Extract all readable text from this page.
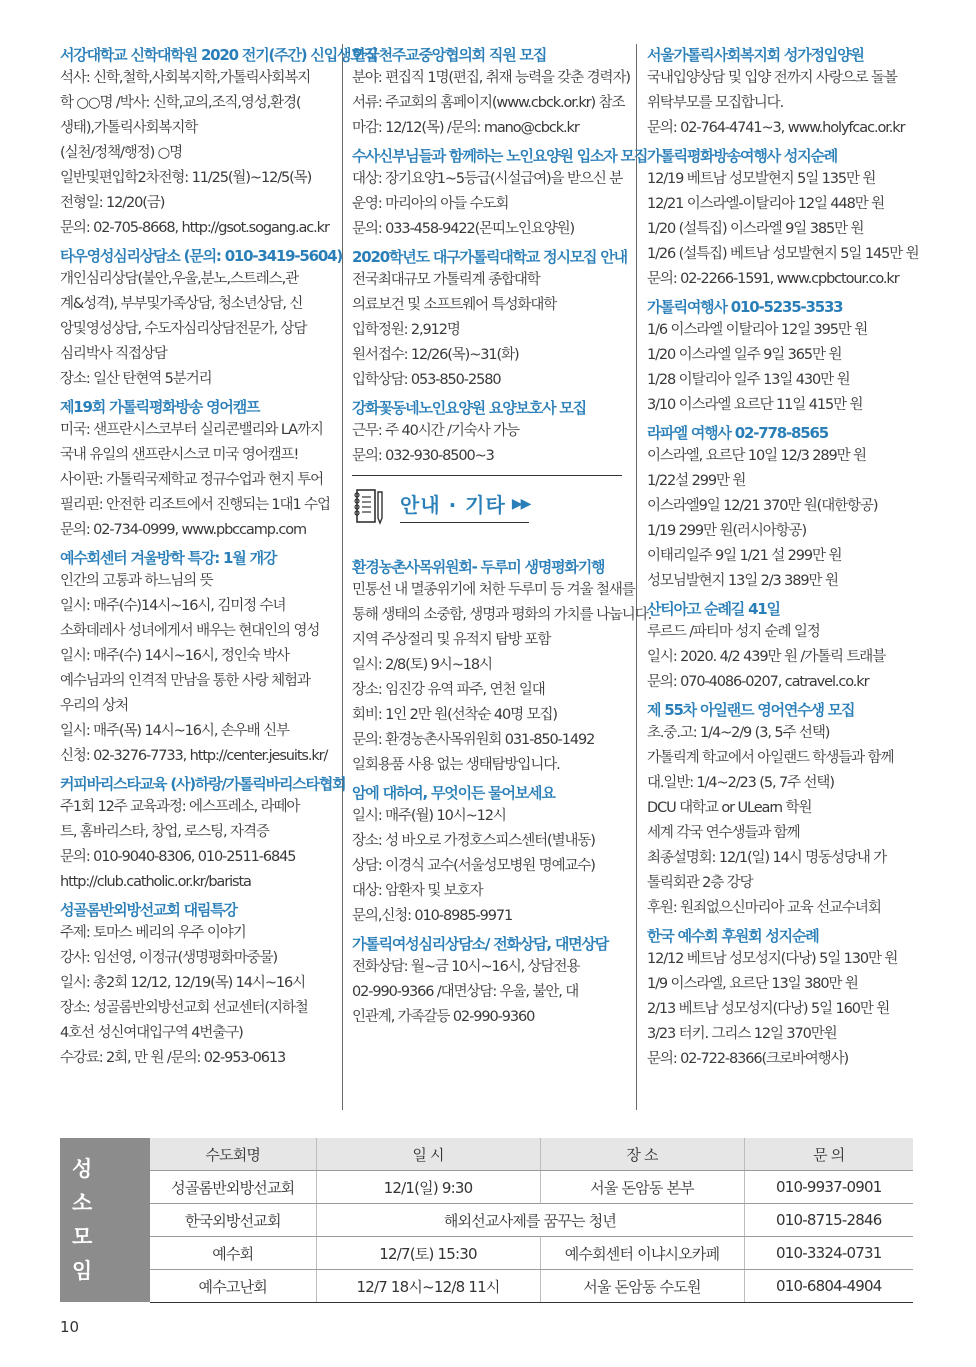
서강대학교 신학대학원 2020 전기(주간) 신입생모집
석사: 신학,철학,사회복지학,가톨릭사회복지
학 ○○명 /박사: 신학,교의,조직,영성,환경(
생태),가톨릭사회복지학
(실천/정책/행정) ○명
일반및편입학2차전형: 11/25(월)~12/5(목)
전형일: 12/20(금)
문의: 02-705-8668, http://gsot.sogang.ac.kr
타우영성심리상담소 (문의: 010-3419-5604)
개인심리상담(불안,우울,분노,스트레스,관
계&성격), 부부및가족상담, 청소년상담, 신
앙및영성상담, 수도자심리상담전문가, 상담
심리박사 직접상담
장소: 일산 탄현역 5분거리
제19회 가톨릭평화방송 영어캠프
미국: 샌프란시스코부터 실리콘밸리와 LA까지
국내 유일의 샌프란시스코 미국 영어캠프!
사이판: 가톨릭국제학교 정규수업과 현지 투어
필리핀: 안전한 리조트에서 진행되는 1대1 수업
문의: 02-734-0999, www.pbccamp.com
예수회센터 겨울방학 특강: 1월 개강
인간의 고통과 하느님의 뜻
일시: 매주(수)14시~16시, 김미정 수녀
소화데레사 성녀에게서 배우는 현대인의 영성
일시: 매주(수) 14시~16시, 정인숙 박사
예수님과의 인격적 만남을 통한 사랑 체험과
우리의 상처
일시: 매주(목) 14시~16시, 손우배 신부
신청: 02-3276-7733, http://center.jesuits.kr/
커피바리스타교육 (사)하랑/가톨릭바리스타협회
주1회 12주 교육과정: 에스프레소, 라떼아
트, 홈바리스타, 창업, 로스팅, 자격증
문의: 010-9040-8306, 010-2511-6845
http://club.catholic.or.kr/barista
성골롬반외방선교회 대림특강
주제: 토마스 베리의 우주 이야기
강사: 임선영, 이정규(생명평화마중물)
일시: 총2회 12/12, 12/19(목) 14시~16시
장소: 성골롬반외방선교회 선교센터(지하철
4호선 성신여대입구역 4번출구)
수강료: 2회, 만 원 /문의: 02-953-0613
한국천주교중앙협의회 직원 모집
분야: 편집직 1명(편집, 취재 능력을 갖춘 경력자)
서류: 주교회의 홈페이지(www.cbck.or.kr) 참조
마감: 12/12(목) /문의: mano@cbck.kr
수사신부님들과 함께하는 노인요양원 입소자 모집
대상: 장기요양1~5등급(시설급여)을 받으신 분
운영: 마리아의 아들 수도회
문의: 033-458-9422(몬띠노인요양원)
2020학년도 대구가톨릭대학교 정시모집 안내
전국최대규모 가톨릭계 종합대학
의료보건 및 소프트웨어 특성화대학
입학정원: 2,912명
원서접수: 12/26(목)~31(화)
입학상담: 053-850-2580
강화꽃동네노인요양원 요양보호사 모집
근무: 주 40시간 /기숙사 가능
문의: 032-930-8500~3
안내 · 기타 ▶▶
환경농촌사목위원회- 두루미 생명평화기행
민통선 내 멸종위기에 처한 두루미 등 겨울 철새를
통해 생태의 소중함, 생명과 평화의 가치를 나눕니다.
지역 주상절리 및 유적지 탐방 포함
일시: 2/8(토) 9시~18시
장소: 임진강 유역 파주, 연천 일대
회비: 1인 2만 원(선착순 40명 모집)
문의: 환경농촌사목위원회 031-850-1492
일회용품 사용 없는 생태탐방입니다.
암에 대하여, 무엇이든 물어보세요
일시: 매주(월) 10시~12시
장소: 성 바오로 가정호스피스센터(별내동)
상담: 이경식 교수(서울성모병원 명예교수)
대상: 암환자 및 보호자
문의,신청: 010-8985-9971
가톨릭여성심리상담소/ 전화상담, 대면상담
전화상담: 월~금 10시~16시, 상담전용
02-990-9366 /대면상담: 우울, 불안, 대
인관계, 가족갈등 02-990-9360
서울가톨릭사회복지회 성가정입양원
국내입양상담 및 입양 전까지 사랑으로 돌볼
위탁부모를 모집합니다.
문의: 02-764-4741~3, www.holyfcac.or.kr
가톨릭평화방송여행사 성지순례
12/19 베트남 성모발현지 5일 135만 원
12/21 이스라엘-이탈리아 12일 448만 원
1/20 (설특집) 이스라엘 9일 385만 원
1/26 (설특집) 베트남 성모발현지 5일 145만 원
문의: 02-2266-1591, www.cpbctour.co.kr
가톨릭여행사 010-5235-3533
1/6 이스라엘 이탈리아 12일 395만 원
1/20 이스라엘 일주 9일 365만 원
1/28 이탈리아 일주 13일 430만 원
3/10 이스라엘 요르단 11일 415만 원
라파엘 여행사 02-778-8565
이스라엘, 요르단 10일 12/3 289만 원
1/22설 299만 원
이스라엘9일 12/21 370만 원(대한항공)
1/19 299만 원(러시아항공)
이태리일주 9일 1/21 설 299만 원
성모님발현지 13일 2/3 389만 원
산티아고 순례길 41일
루르드 /파티마 성지 순례 일정
일시: 2020. 4/2 439만 원 /가톨릭 트래블
문의: 070-4086-0207, catravel.co.kr
제 55차 아일랜드 영어연수생 모집
초.중.고: 1/4~2/9 (3, 5주 선택)
가톨릭계 학교에서 아일랜드 학생들과 함께
대.일반: 1/4~2/23 (5, 7주 선택)
DCU 대학교 or ULearn 학원
세계 각국 연수생들과 함께
최종설명회: 12/1(일) 14시 명동성당내 가
톨릭회관 2층 강당
후원: 원죄없으신마리아 교육 선교수녀회
한국 예수회 후원회 성지순례
12/12 베트남 성모성지(다낭) 5일 130만 원
1/9 이스라엘, 요르단 13일 380만 원
2/13 베트남 성모성지(다낭) 5일 160만 원
3/23 터키. 그리스 12일 370만원
문의: 02-722-8366(크로바여행사)
성 소
모 임
수도회명	일 시	장 소	문 의
성골롬반외방선교회	12/1(일) 9:30	서울 돈암동 본부	010-9937-0901
한국외방선교회	해외선교사제를 꿈꾸는 청년		010-8715-2846
예수회	12/7(토) 15:30	예수회센터 이냐시오카페	010-3324-0731
예수고난회	12/7 18시~12/8 11시	서울 돈암동 수도원	010-6804-4904
10
